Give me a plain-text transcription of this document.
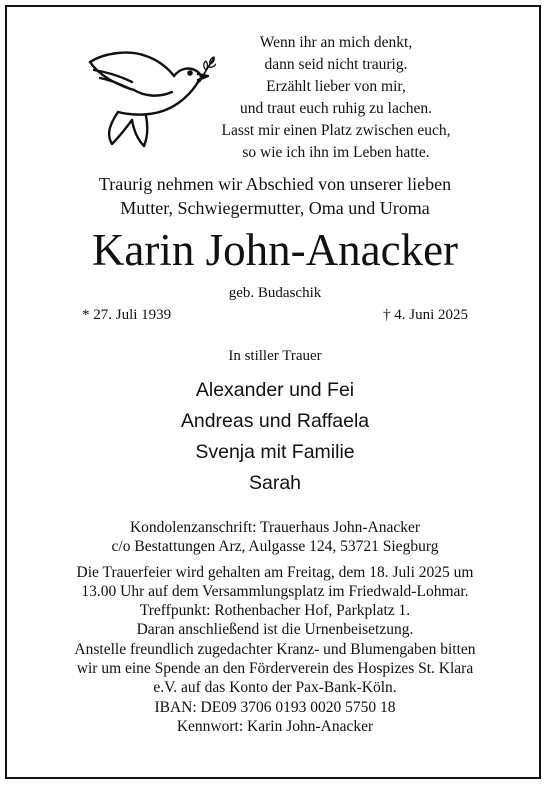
Wenn ihr an mich denkt,
dann seid nicht traurig.
Erzählt lieber von mir,
und traut euch ruhig zu lachen.
Lasst mir einen Platz zwischen euch,
so wie ich ihn im Leben hatte.
Traurig nehmen wir Abschied von unserer lieben
Mutter, Schwiegermutter, Oma und Uroma
Karin John-Anacker
geb. Budaschik
* 27. Juli 1939	† 4. Juni 2025
In stiller Trauer
Alexander und Fei
Andreas und Raffaela
Svenja mit Familie
Sarah
Kondolenzanschrift: Trauerhaus John-Anacker
c/o Bestattungen Arz, Aulgasse 124, 53721 Siegburg
Die Trauerfeier wird gehalten am Freitag, dem 18. Juli 2025 um
13.00 Uhr auf dem Versammlungsplatz im Friedwald-Lohmar.
Treffpunkt: Rothenbacher Hof, Parkplatz 1.
Daran anschließend ist die Urnenbeisetzung.
Anstelle freundlich zugedachter Kranz- und Blumengaben bitten
wir um eine Spende an den Förderverein des Hospizes St. Klara
e.V. auf das Konto der Pax-Bank-Köln.
IBAN: DE09 3706 0193 0020 5750 18
Kennwort: Karin John-Anacker
